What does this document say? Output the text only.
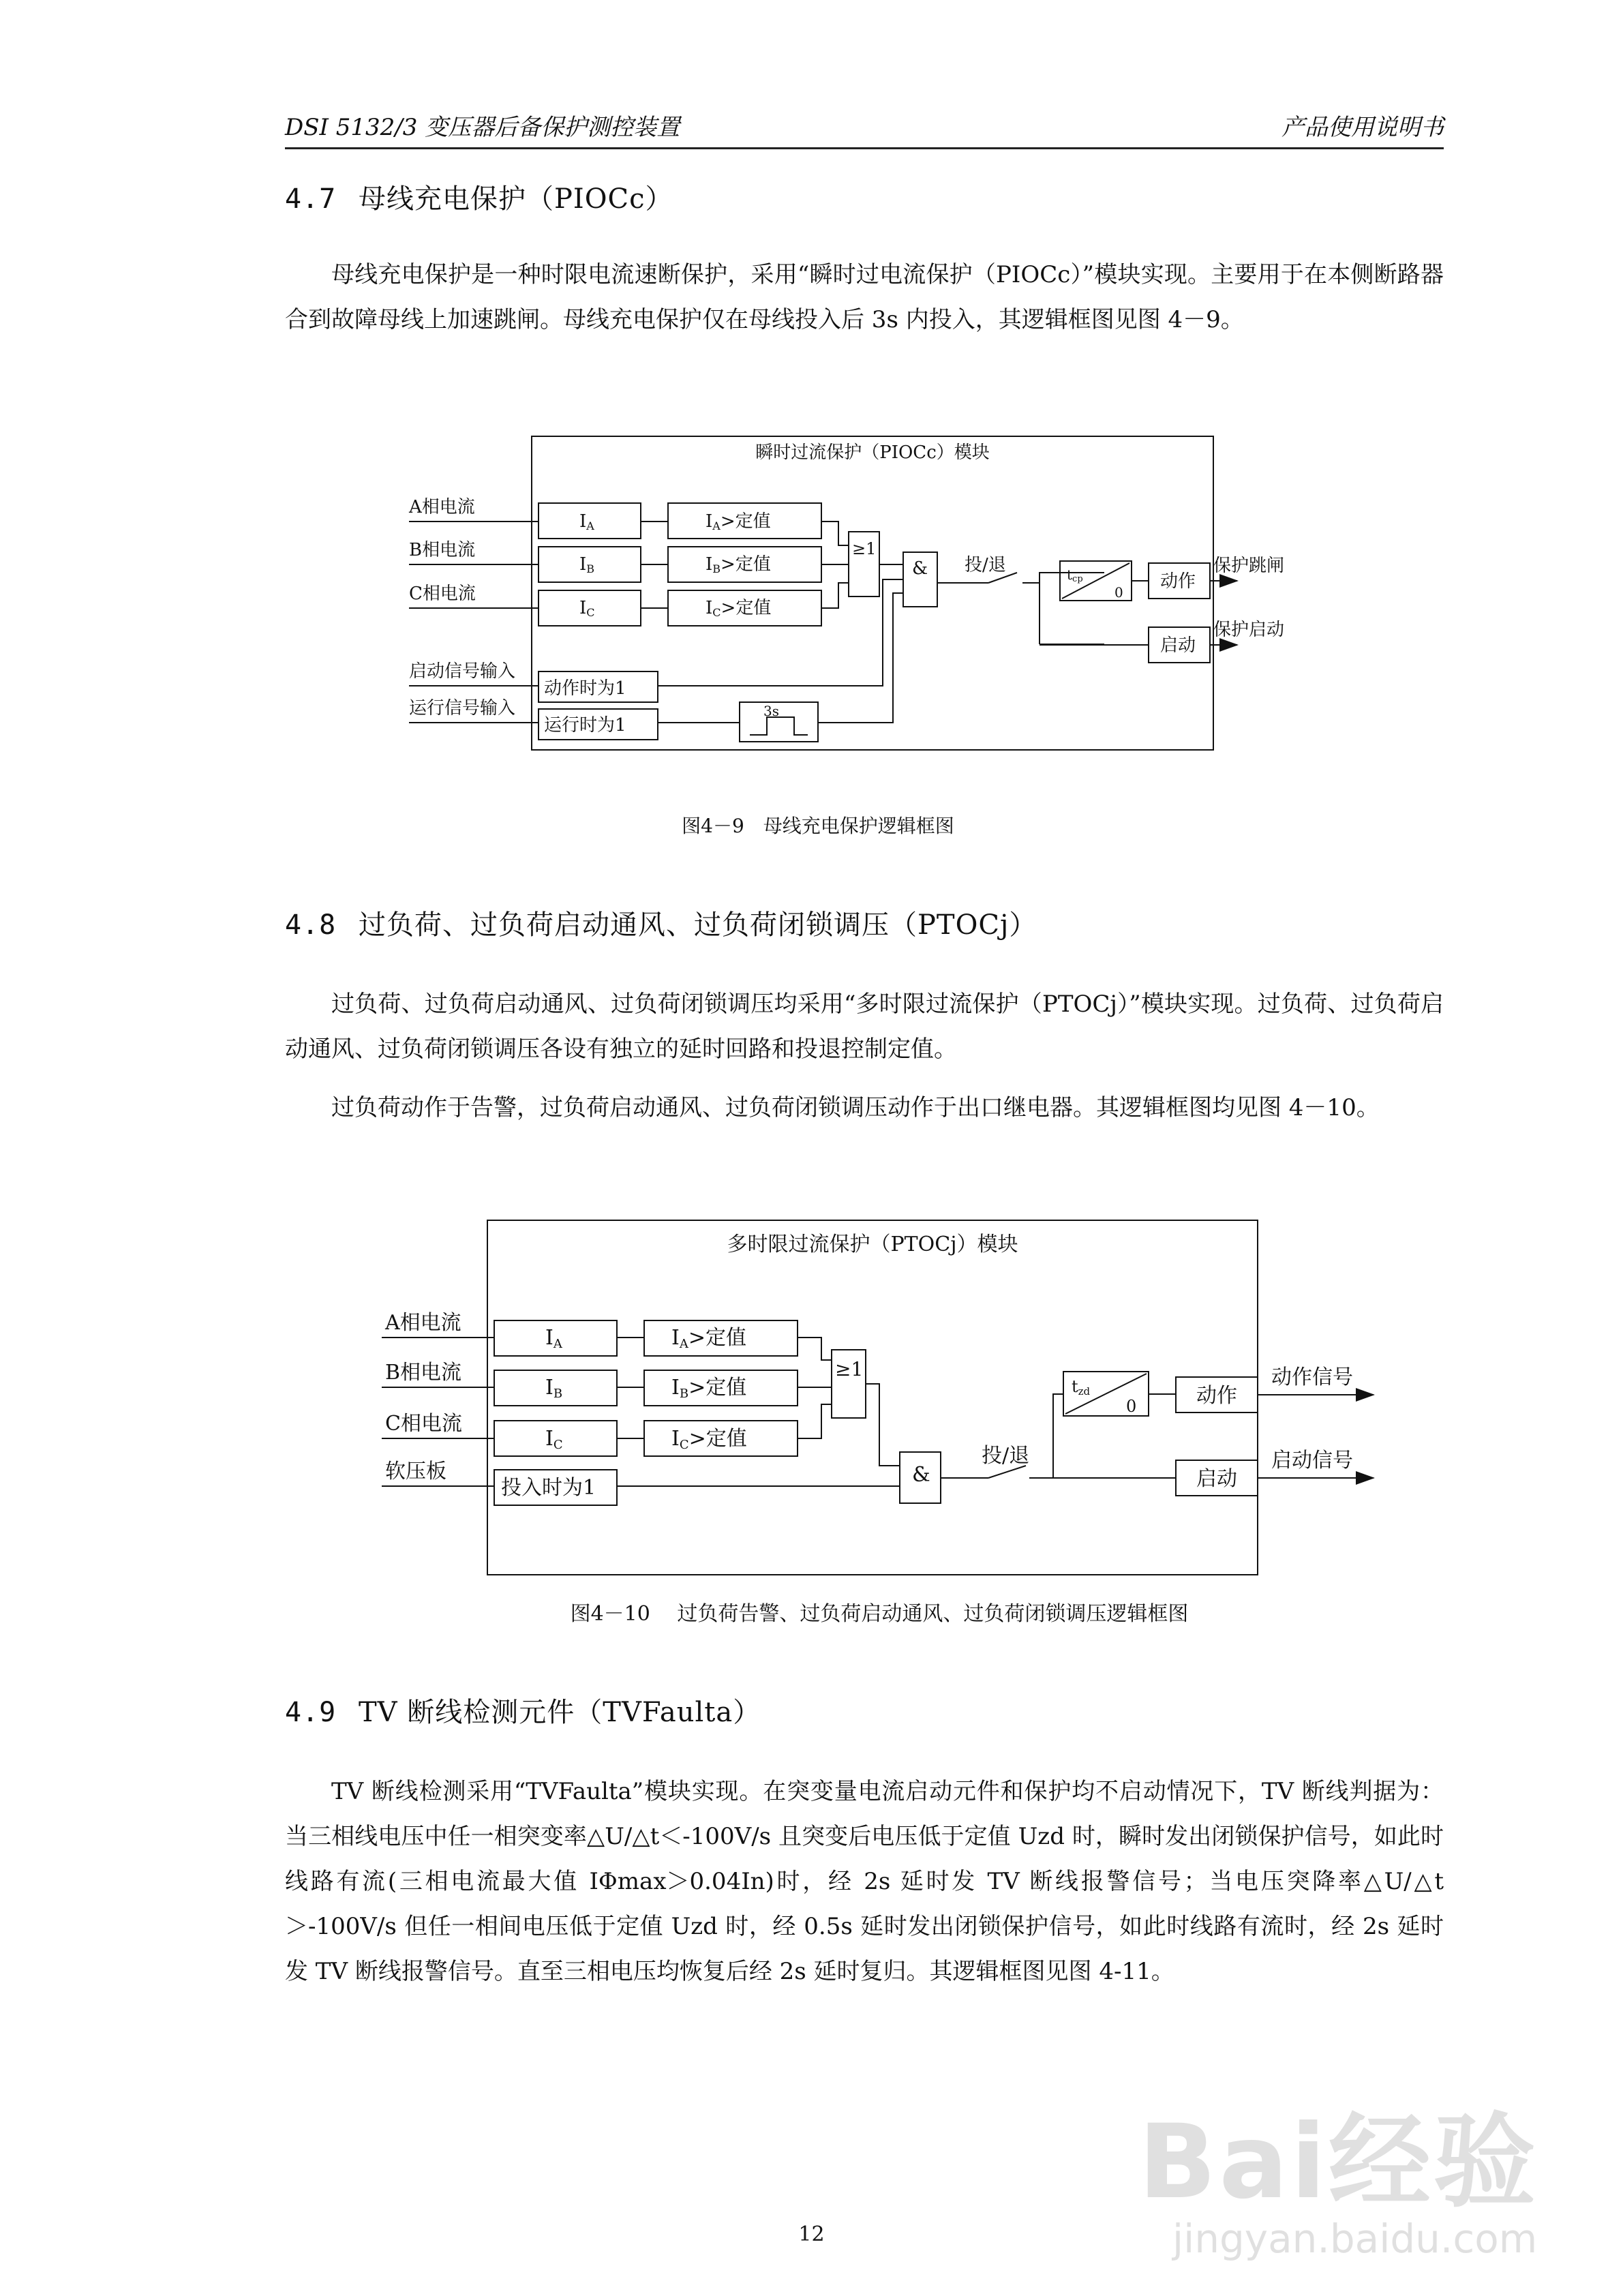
DSI 5132/3 变压器后备保护测控装置	产品使用说明书
4.7 母线充电保护（PIOCc）

母线充电保护是一种时限电流速断保护，采用“瞬时过电流保护（PIOCc）”模块实现。主要用于在本侧断路器合到故障母线上加速跳闸。母线充电保护仅在母线投入后 3s 内投入，其逻辑框图见图 4－9。

瞬时过流保护（PIOCc）模块
A相电流
B相电流
C相电流
启动信号输入
运行信号输入
IA
IB
IC
IA>定值
IB>定值
IC>定值
≥1
&
动作时为1
运行时为1
3s
投/退	tcp
0
动作
启动
保护跳闸
保护启动
图4－9　母线充电保护逻辑框图
4.8 过负荷、过负荷启动通风、过负荷闭锁调压（PTOCj）

过负荷、过负荷启动通风、过负荷闭锁调压均采用“多时限过流保护（PTOCj）”模块实现。过负荷、过负荷启动通风、过负荷闭锁调压各设有独立的延时回路和投退控制定值。

过负荷动作于告警，过负荷启动通风、过负荷闭锁调压动作于出口继电器。其逻辑框图均见图 4－10。

多时限过流保护（PTOCj）模块
A相电流
B相电流
C相电流
软压板
IA
IB
IC
IA>定值
IB>定值
IC>定值
≥1
&
投入时为1
投/退
tzd
0	动作
启动
动作信号
启动信号
图4－10　 过负荷告警、过负荷启动通风、过负荷闭锁调压逻辑框图
4.9 TV 断线检测元件（TVFaulta）

TV 断线检测采用“TVFaulta”模块实现。在突变量电流启动元件和保护均不启动情况下，TV 断线判据为：当三相线电压中任一相突变率△U/△t＜-100V/s 且突变后电压低于定值 Uzd 时，瞬时发出闭锁保护信号，如此时线路有流(三相电流最大值 IΦmax＞0.04In)时，经 2s 延时发 TV 断线报警信号；当电压突降率△U/△t＞-100V/s 但任一相间电压低于定值 Uzd 时，经 0.5s 延时发出闭锁保护信号，如此时线路有流时，经 2s 延时发 TV 断线报警信号。直至三相电压均恢复后经 2s 延时复归。其逻辑框图见图 4-11。

12
Bai经验
jingyan.baidu.com
